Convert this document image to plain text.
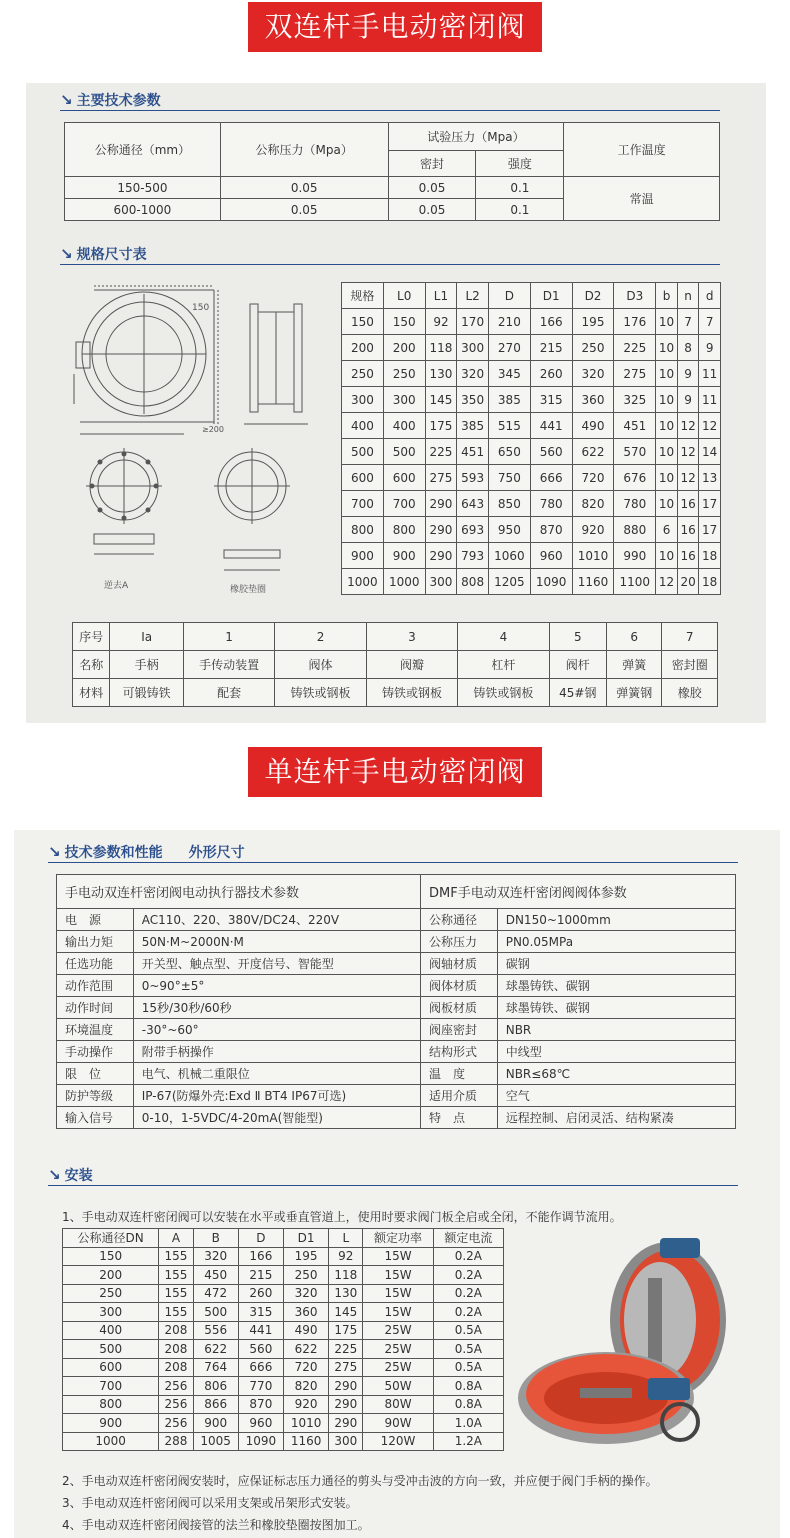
双连杆手电动密闭阀
↘ 主要技术参数
公称通径（mm）	公称压力（Mpa）	试验压力（Mpa）		工作温度
		密封	强度	
150-500	0.05	0.05	0.1	常温
600-1000	0.05	0.05	0.1	
↘ 规格尺寸表
150
≥200
逆去A	橡胶垫圈
规格	L0	L1	L2	D	D1	D2	D3	b	n	d
150	150	92	170	210	166	195	176	10	7	7
200	200	118	300	270	215	250	225	10	8	9
250	250	130	320	345	260	320	275	10	9	11
300	300	145	350	385	315	360	325	10	9	11
400	400	175	385	515	441	490	451	10	12	12
500	500	225	451	650	560	622	570	10	12	14
600	600	275	593	750	666	720	676	10	12	13
700	700	290	643	850	780	820	780	10	16	17
800	800	290	693	950	870	920	880	6	16	17
900	900	290	793	1060	960	1010	990	10	16	18
1000	1000	300	808	1205	1090	1160	1100	12	20	18
序号	Ia	1	2	3	4	5	6	7
名称	手柄	手传动装置	阀体	阀瓣	杠杆	阀杆	弹簧	密封圈
材料	可锻铸铁	配套	铸铁或钢板	铸铁或钢板	铸铁或钢板	45#钢	弹簧钢	橡胶
单连杆手电动密闭阀
↘ 技术参数和性能 外形尺寸
手电动双连杆密闭阀电动执行器技术参数		DMF手电动双连杆密闭阀阀体参数	
电　源	AC110、220、380V/DC24、220V	公称通径	DN150~1000mm
输出力矩	50N·M~2000N·M	公称压力	PN0.05MPa
任选功能	开关型、触点型、开度信号、智能型	阀轴材质	碳钢
动作范围	0~90°±5°	阀体材质	球墨铸铁、碳钢
动作时间	15秒/30秒/60秒	阀板材质	球墨铸铁、碳钢
环境温度	-30°~60°	阀座密封	NBR
手动操作	附带手柄操作	结构形式	中线型
限　位	电气、机械二重限位	温　度	NBR≤68℃
防护等级	IP-67(防爆外壳:Exd Ⅱ BT4 IP67可选)	适用介质	空气
输入信号	0-10，1-5VDC/4-20mA(智能型)	特　点	远程控制、启闭灵活、结构紧凑
↘ 安装
1、手电动双连杆密闭阀可以安装在水平或垂直管道上，使用时要求阀门板全启或全闭，不能作调节流用。
公称通径DN	A	B	D	D1	L	额定功率	额定电流
150	155	320	166	195	92	15W	0.2A
200	155	450	215	250	118	15W	0.2A
250	155	472	260	320	130	15W	0.2A
300	155	500	315	360	145	15W	0.2A
400	208	556	441	490	175	25W	0.5A
500	208	622	560	622	225	25W	0.5A
600	208	764	666	720	275	25W	0.5A
700	256	806	770	820	290	50W	0.8A
800	256	866	870	920	290	80W	0.8A
900	256	900	960	1010	290	90W	1.0A
1000	288	1005	1090	1160	300	120W	1.2A
2、手电动双连杆密闭阀安装时，应保证标志压力通径的剪头与受冲击波的方向一致，并应便于阀门手柄的操作。
3、手电动双连杆密闭阀可以采用支架或吊架形式安装。
4、手电动双连杆密闭阀接管的法兰和橡胶垫圈按图加工。
